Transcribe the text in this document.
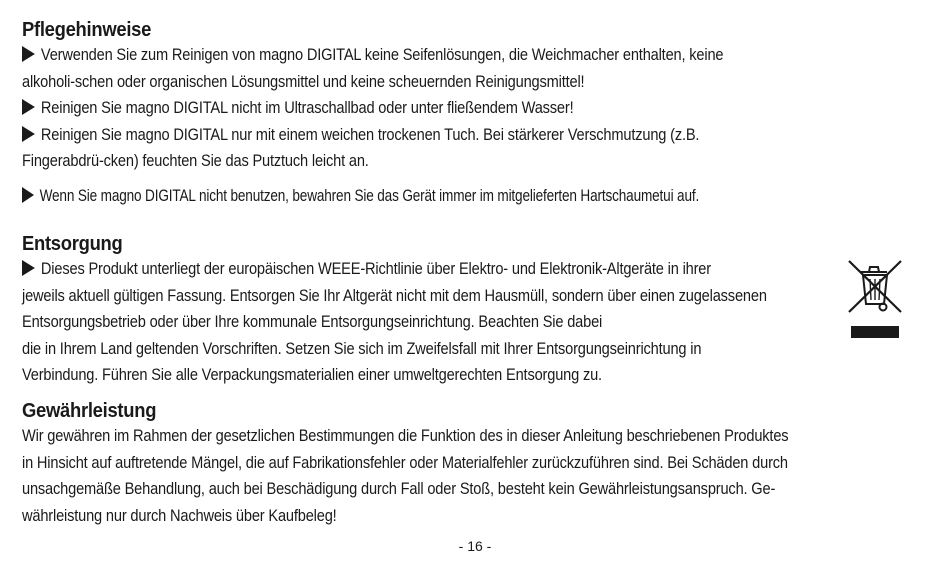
Pflegehinweise
Verwenden Sie zum Reinigen von magno DIGITAL keine Seifenlösungen, die Weichmacher enthalten, keine
alkoholi-schen oder organischen Lösungsmittel und keine scheuernden Reinigungsmittel!
Reinigen Sie magno DIGITAL nicht im Ultraschallbad oder unter fließendem Wasser!
Reinigen Sie magno DIGITAL nur mit einem weichen trockenen Tuch. Bei stärkerer Verschmutzung (z.B.
Fingerabdrü-cken) feuchten Sie das Putztuch leicht an.
Wenn Sie magno DIGITAL nicht benutzen, bewahren Sie das Gerät immer im mitgelieferten Hartschaumetui auf.
Entsorgung
Dieses Produkt unterliegt der europäischen WEEE-Richtlinie über Elektro- und Elektronik-Altgeräte in ihrer
jeweils aktuell gültigen Fassung. Entsorgen Sie Ihr Altgerät nicht mit dem Hausmüll, sondern über einen zugelassenen
Entsorgungsbetrieb oder über Ihre kommunale Entsorgungseinrichtung. Beachten Sie dabei
die in Ihrem Land geltenden Vorschriften. Setzen Sie sich im Zweifelsfall mit Ihrer Entsorgungseinrichtung in
Verbindung. Führen Sie alle Verpackungsmaterialien einer umweltgerechten Entsorgung zu.
Gewährleistung
Wir gewähren im Rahmen der gesetzlichen Bestimmungen die Funktion des in dieser Anleitung beschriebenen Produktes
in Hinsicht auf auftretende Mängel, die auf Fabrikationsfehler oder Materialfehler zurückzuführen sind. Bei Schäden durch
unsachgemäße Behandlung, auch bei Beschädigung durch Fall oder Stoß, besteht kein Gewährleistungsanspruch. Ge-
währleistung nur durch Nachweis über Kaufbeleg!
- 16 -
